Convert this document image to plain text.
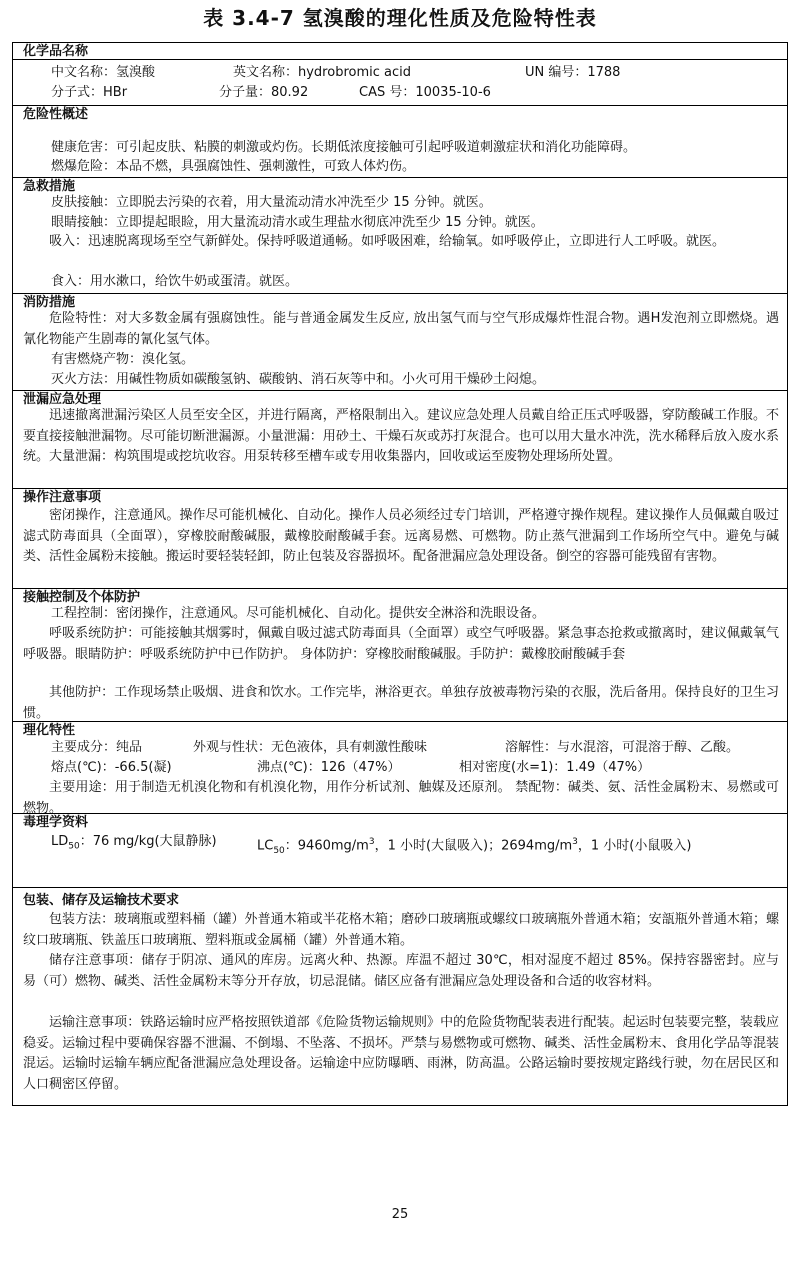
表 3.4-7 氢溴酸的理化性质及危险特性表
化学品名称
中文名称：氢溴酸	英文名称：hydrobromic acid	UN 编号：1788
分子式：HBr	分子量：80.92	CAS 号：10035-10-6
危险性概述
健康危害：可引起皮肤、粘膜的刺激或灼伤。长期低浓度接触可引起呼吸道刺激症状和消化功能障碍。
燃爆危险：本品不燃，具强腐蚀性、强刺激性，可致人体灼伤。
急救措施
皮肤接触：立即脱去污染的衣着，用大量流动清水冲洗至少 15 分钟。就医。
眼睛接触：立即提起眼睑，用大量流动清水或生理盐水彻底冲洗至少 15 分钟。就医。
吸入：迅速脱离现场至空气新鲜处。保持呼吸道通畅。如呼吸困难，给输氧。如呼吸停止，立即进行人工呼吸。就医。
食入：用水漱口，给饮牛奶或蛋清。就医。
消防措施
危险特性：对大多数金属有强腐蚀性。能与普通金属发生反应, 放出氢气而与空气形成爆炸性混合物。遇H发泡剂立即燃烧。遇氰化物能产生剧毒的氰化氢气体。
有害燃烧产物：溴化氢。
灭火方法：用碱性物质如碳酸氢钠、碳酸钠、消石灰等中和。小火可用干燥砂土闷熄。
泄漏应急处理
迅速撤离泄漏污染区人员至安全区，并进行隔离，严格限制出入。建议应急处理人员戴自给正压式呼吸器，穿防酸碱工作服。不要直接接触泄漏物。尽可能切断泄漏源。小量泄漏：用砂土、干燥石灰或苏打灰混合。也可以用大量水冲洗，洗水稀释后放入废水系统。大量泄漏：构筑围堤或挖坑收容。用泵转移至槽车或专用收集器内，回收或运至废物处理场所处置。
操作注意事项
密闭操作，注意通风。操作尽可能机械化、自动化。操作人员必须经过专门培训，严格遵守操作规程。建议操作人员佩戴自吸过滤式防毒面具（全面罩），穿橡胶耐酸碱服，戴橡胶耐酸碱手套。远离易燃、可燃物。防止蒸气泄漏到工作场所空气中。避免与碱类、活性金属粉末接触。搬运时要轻装轻卸，防止包装及容器损坏。配备泄漏应急处理设备。倒空的容器可能残留有害物。
接触控制及个体防护
工程控制：密闭操作，注意通风。尽可能机械化、自动化。提供安全淋浴和洗眼设备。
呼吸系统防护：可能接触其烟雾时，佩戴自吸过滤式防毒面具（全面罩）或空气呼吸器。紧急事态抢救或撤离时，建议佩戴氧气呼吸器。眼睛防护：呼吸系统防护中已作防护。 身体防护：穿橡胶耐酸碱服。手防护：戴橡胶耐酸碱手套
其他防护：工作现场禁止吸烟、进食和饮水。工作完毕，淋浴更衣。单独存放被毒物污染的衣服，洗后备用。保持良好的卫生习惯。
理化特性
主要成分：纯品	外观与性状：无色液体，具有刺激性酸味	溶解性：与水混溶，可混溶于醇、乙酸。
熔点(℃)：-66.5(凝)	沸点(℃)：126（47%）	相对密度(水=1)：1.49（47%）
主要用途：用于制造无机溴化物和有机溴化物，用作分析试剂、触媒及还原剂。 禁配物：碱类、氨、活性金属粉末、易燃或可燃物。
毒理学资料
$LD_{50}$：76 mg/kg(大鼠静脉)	$LC_{50}$：$9460mg/m^3$，1 小时(大鼠吸入)；$2694mg/m^3$，1 小时(小鼠吸入)
包装、储存及运输技术要求
包装方法：玻璃瓶或塑料桶（罐）外普通木箱或半花格木箱；磨砂口玻璃瓶或螺纹口玻璃瓶外普通木箱；安瓿瓶外普通木箱；螺纹口玻璃瓶、铁盖压口玻璃瓶、塑料瓶或金属桶（罐）外普通木箱。
储存注意事项：储存于阴凉、通风的库房。远离火种、热源。库温不超过 30℃，相对湿度不超过 85%。保持容器密封。应与易（可）燃物、碱类、活性金属粉末等分开存放，切忌混储。储区应备有泄漏应急处理设备和合适的收容材料。
运输注意事项：铁路运输时应严格按照铁道部《危险货物运输规则》中的危险货物配装表进行配装。起运时包装要完整，装载应稳妥。运输过程中要确保容器不泄漏、不倒塌、不坠落、不损坏。严禁与易燃物或可燃物、碱类、活性金属粉末、食用化学品等混装混运。运输时运输车辆应配备泄漏应急处理设备。运输途中应防曝晒、雨淋，防高温。公路运输时要按规定路线行驶，勿在居民区和人口稠密区停留。
25
